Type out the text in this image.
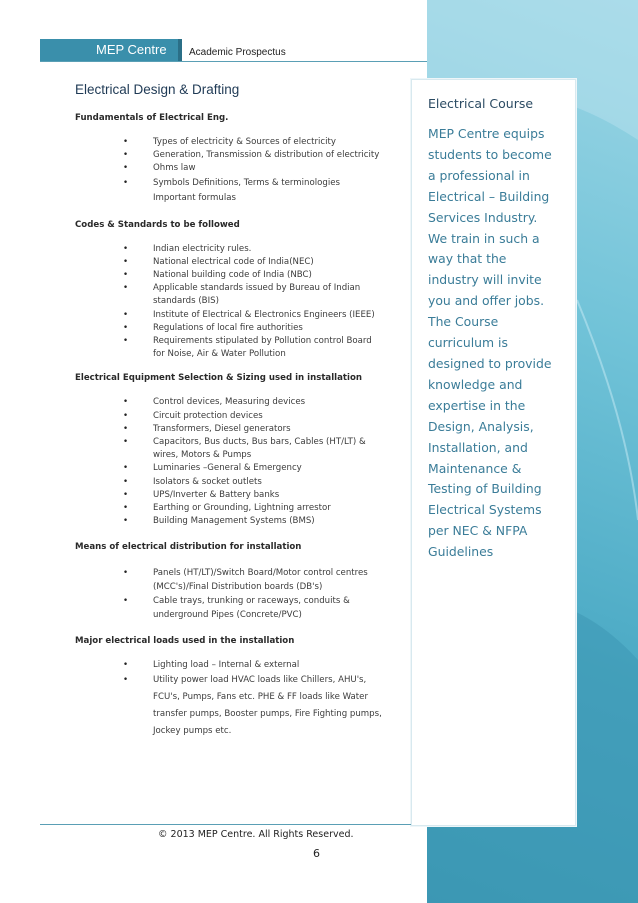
Electrical Course
MEP Centre equips
students to become
a professional in
Electrical – Building
Services Industry.
We train in such a
way that the
industry will invite
you and offer jobs.
The Course
curriculum is
designed to provide
knowledge and
expertise in the
Design, Analysis,
Installation, and
Maintenance &
Testing of Building
Electrical Systems
per NEC & NFPA
Guidelines
MEP Centre Academic Prospectus
Electrical Design & Drafting
Fundamentals of Electrical Eng.
•	Types of electricity & Sources of electricity
•	Generation, Transmission & distribution of electricity
•	Ohms law
•	Symbols Definitions, Terms & terminologies
Important formulas
Codes & Standards to be followed
•	Indian electricity rules.
•	National electrical code of India(NEC)
•	National building code of India (NBC)
•	Applicable standards issued by Bureau of Indian standards (BIS)
•	Institute of Electrical & Electronics Engineers (IEEE)
•	Regulations of local fire authorities
•	Requirements stipulated by Pollution control Board for Noise, Air & Water Pollution
Electrical Equipment Selection & Sizing used in installation
•	Control devices, Measuring devices
•	Circuit protection devices
•	Transformers, Diesel generators
•	Capacitors, Bus ducts, Bus bars, Cables (HT/LT) & wires, Motors & Pumps
•	Luminaries –General & Emergency
•	Isolators & socket outlets
•	UPS/Inverter & Battery banks
•	Earthing or Grounding, Lightning arrestor
•	Building Management Systems (BMS)
Means of electrical distribution for installation
•	Panels (HT/LT)/Switch Board/Motor control centres (MCC's)/Final Distribution boards (DB's)
•	Cable trays, trunking or raceways, conduits & underground Pipes (Concrete/PVC)
Major electrical loads used in the installation
•	Lighting load – Internal & external
•	Utility power load HVAC loads like Chillers, AHU's, FCU's, Pumps, Fans etc. PHE & FF loads like Water transfer pumps, Booster pumps, Fire Fighting pumps, Jockey pumps etc.
© 2013 MEP Centre. All Rights Reserved.
6
